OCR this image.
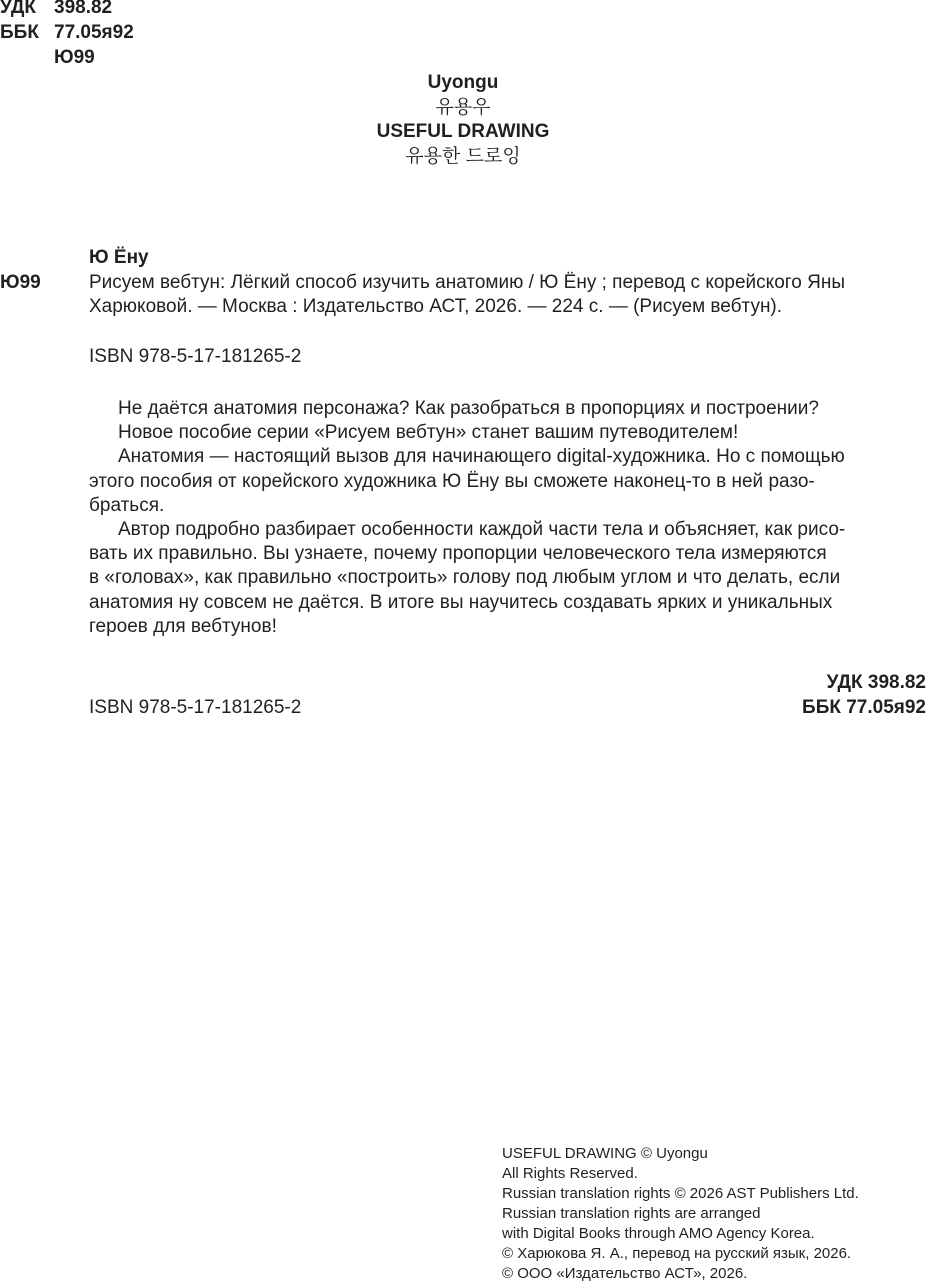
УДК 398.82
ББК 77.05я92
Ю99
Uyongu
유용우
USEFUL DRAWING
유용한 드로잉
Ю Ёну
Ю99	Рисуем вебтун: Лёгкий способ изучить анатомию / Ю Ёну ; перевод с корейского Яны

Харюковой. — Москва : Издательство АСТ, 2026. — 224 с. — (Рисуем вебтун).

ISBN 978-5-17-181265-2
Не даётся анатомия персонажа? Как разобраться в пропорциях и построении?
Новое пособие серии «Рисуем вебтун» станет вашим путеводителем!
Анатомия — настоящий вызов для начинающего digital-художника. Но с помощью
этого пособия от корейского художника Ю Ёну вы сможете наконец-то в ней разо-
браться.
Автор подробно разбирает особенности каждой части тела и объясняет, как рисо-
вать их правильно. Вы узнаете, почему пропорции человеческого тела измеряются
в «головах», как правильно «построить» голову под любым углом и что делать, если
анатомия ну совсем не даётся. В итоге вы научитесь создавать ярких и уникальных
героев для вебтунов!
УДК 398.82
ISBN 978-5-17-181265-2	ББК 77.05я92
USEFUL DRAWING © Uyongu
All Rights Reserved.
Russian translation rights © 2026 AST Publishers Ltd.
Russian translation rights are arranged
with Digital Books through AMO Agency Korea.
© Харюкова Я. А., перевод на русский язык, 2026.
© ООО «Издательство АСТ», 2026.
